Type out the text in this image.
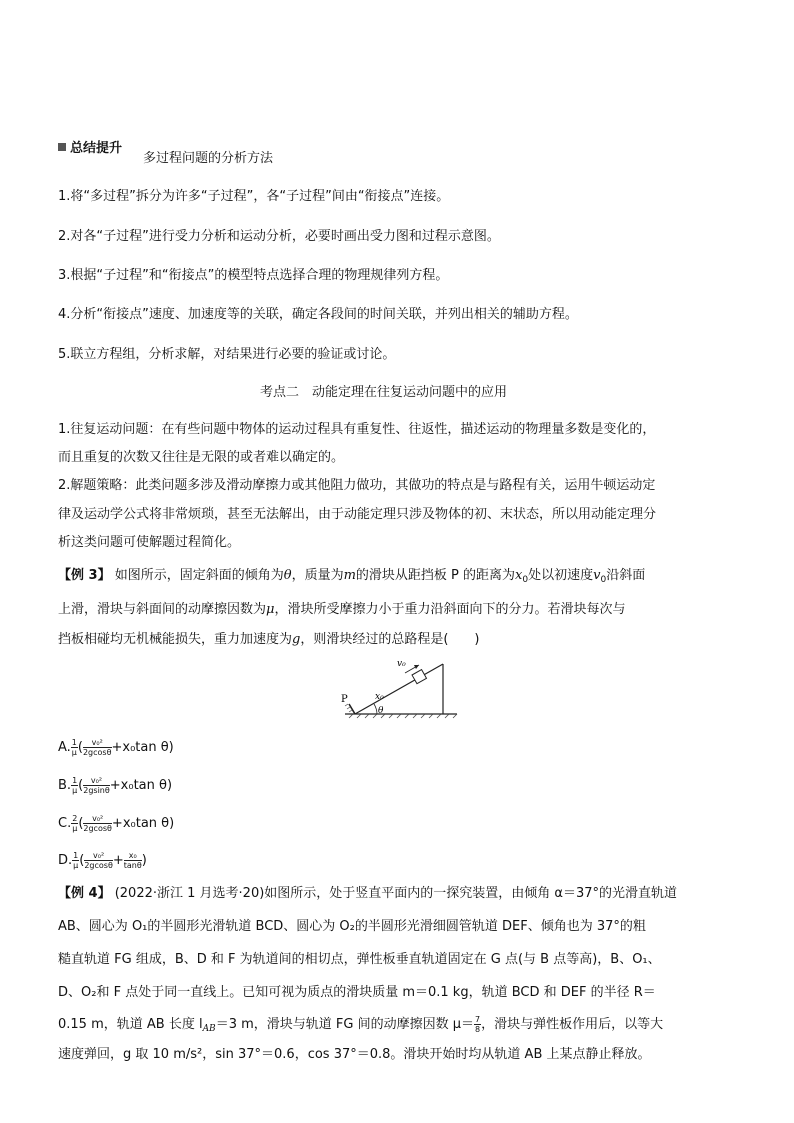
总结提升
多过程问题的分析方法
1.将“多过程”拆分为许多“子过程”，各“子过程”间由“衔接点”连接。
2.对各“子过程”进行受力分析和运动分析，必要时画出受力图和过程示意图。
3.根据“子过程”和“衔接点”的模型特点选择合理的物理规律列方程。
4.分析“衔接点”速度、加速度等的关联，确定各段间的时间关联，并列出相关的辅助方程。
5.联立方程组，分析求解，对结果进行必要的验证或讨论。
考点二　动能定理在往复运动问题中的应用
1.往复运动问题：在有些问题中物体的运动过程具有重复性、往返性，描述运动的物理量多数是变化的，
而且重复的次数又往往是无限的或者难以确定的。
2.解题策略：此类问题多涉及滑动摩擦力或其他阻力做功，其做功的特点是与路程有关，运用牛顿运动定
律及运动学公式将非常烦琐，甚至无法解出，由于动能定理只涉及物体的初、末状态，所以用动能定理分
析这类问题可使解题过程简化。
【例 3】 如图所示，固定斜面的倾角为θ，质量为m的滑块从距挡板 P 的距离为$x_0$处以初速度$v_0$沿斜面
上滑，滑块与斜面间的动摩擦因数为μ，滑块所受摩擦力小于重力沿斜面向下的分力。若滑块每次与
挡板相碰均无机械能损失，重力加速度为g，则滑块经过的总路程是(　　)
P	x₀
v₀
θ
A. $\frac{1}{\mu}$ ( $\frac{\text{v₀²}}{2gcos\theta} +x_0\tan$ θ)
B. $\frac{1}{\mu}$ ( $\frac{\text{v₀²}}{2gsin\theta} +x_0\tan$ θ)
C. $\frac{2}{\mu}$ ( $\frac{\text{v₀²}}{2gcos\theta} +x_0\tan$ θ)
D. $\frac{1}{\mu}$ ( $\frac{\text{v₀²}}{2gcos\theta} + \frac{\text{x₀}}{\tan\theta}$ )
【例 4】 (2022·浙江 1 月选考·20)如图所示，处于竖直平面内的一探究装置，由倾角 α＝37°的光滑直轨道
AB、圆心为 O₁的半圆形光滑轨道 BCD、圆心为 O₂的半圆形光滑细圆管轨道 DEF、倾角也为 37°的粗
糙直轨道 FG 组成，B、D 和 F 为轨道间的相切点，弹性板垂直轨道固定在 G 点(与 B 点等高)，B、O₁、
D、O₂和 F 点处于同一直线上。已知可视为质点的滑块质量 m＝0.1 kg，轨道 BCD 和 DEF 的半径 R＝
0.15 m，轨道 AB 长度 $l_{AB}=3$ m，滑块与轨道 FG 间的动摩擦因数 $\mu= \frac{7}{8}$ ，滑块与弹性板作用后，以等大
速度弹回，g 取 10 m/s²，sin 37°＝0.6，cos 37°＝0.8。滑块开始时均从轨道 AB 上某点静止释放。
